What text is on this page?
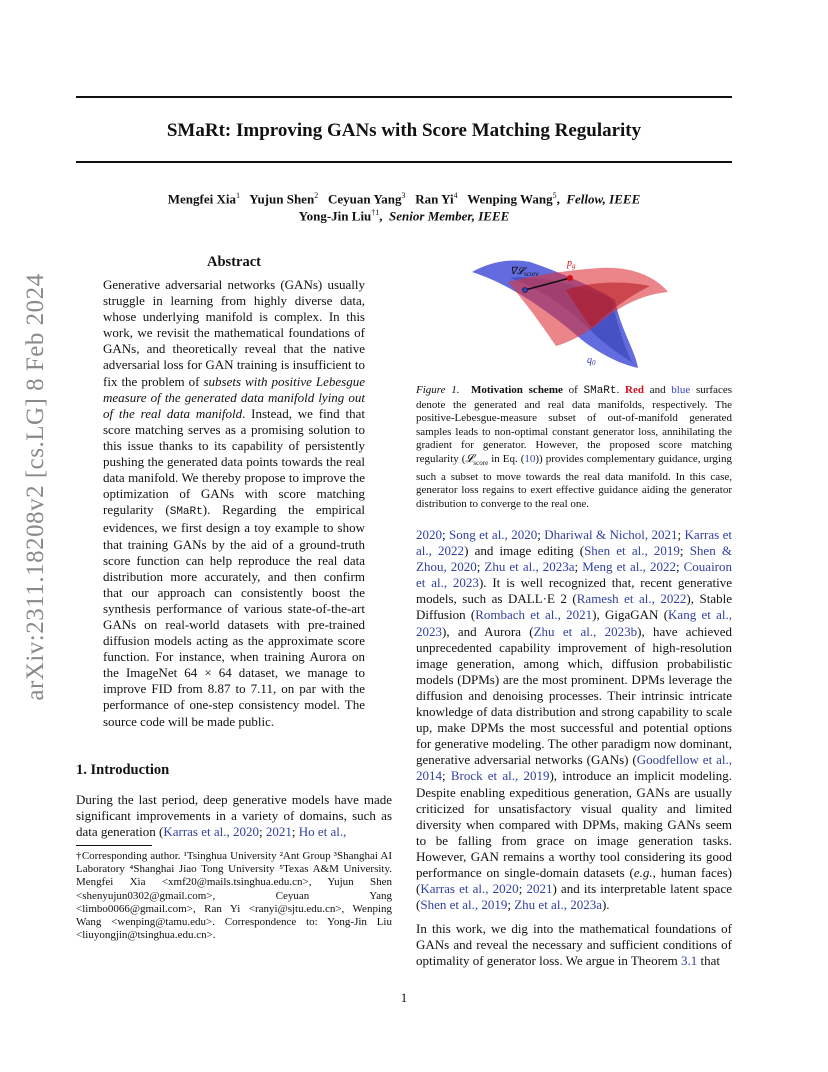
SMaRt: Improving GANs with Score Matching Regularity
Mengfei Xia$^1$ Yujun Shen$^2$ Ceyuan Yang$^3$ Ran Yi$^4$ Wenping Wang$^5$,  Fellow, IEEE
Yong-Jin Liu$^{\dagger 1}$,  Senior Member, IEEE
arXiv:2311.18208v2 [cs.LG] 8 Feb 2024
Abstract
Generative adversarial networks (GANs) usually struggle in learning from highly diverse data, whose underlying manifold is complex. In this work, we revisit the mathematical foundations of GANs, and theoretically reveal that the native adversarial loss for GAN training is insufficient to fix the problem of subsets with positive Lebesgue measure of the generated data manifold lying out of the real data manifold. Instead, we find that score matching serves as a promising solution to this issue thanks to its capability of persistently pushing the generated data points towards the real data manifold. We thereby propose to improve the optimization of GANs with score matching regularity (SMaRt). Regarding the empirical evidences, we first design a toy example to show that training GANs by the aid of a ground-truth score function can help reproduce the real data distribution more accurately, and then confirm that our approach can consistently boost the synthesis performance of various state-of-the-art GANs on real-world datasets with pre-trained diffusion models acting as the approximate score function. For instance, when training Aurora on the ImageNet 64 × 64 dataset, we manage to improve FID from 8.87 to 7.11, on par with the performance of one-step consistency model. The source code will be made public.
1. Introduction
During the last period, deep generative models have made significant improvements in a variety of domains, such as data generation (Karras et al., 2020; 2021; Ho et al.,
†Corresponding author. ¹Tsinghua University ²Ant Group ³Shanghai AI Laboratory ⁴Shanghai Jiao Tong University ⁵Texas A&M University. Mengfei Xia <xmf20@mails.tsinghua.edu.cn>, Yujun Shen <shenyujun0302@gmail.com>, Ceyuan Yang <limbo0066@gmail.com>, Ran Yi <ranyi@sjtu.edu.cn>, Wenping Wang <wenping@tamu.edu>. Correspondence to: Yong-Jin Liu <liuyongjin@tsinghua.edu.cn>.
∇𝓛$_{score}$
$p_g$
$q_0$
Figure 1. Motivation scheme of SMaRt. Red and blue surfaces denote the generated and real data manifolds, respectively. The positive-Lebesgue-measure subset of out-of-manifold generated samples leads to non-optimal constant generator loss, annihilating the gradient for generator. However, the proposed score matching regularity (𝓛$_{score}$ in Eq. (10)) provides complementary guidance, urging such a subset to move towards the real data manifold. In this case, generator loss regains to exert effective guidance aiding the generator distribution to converge to the real one.

2020; Song et al., 2020; Dhariwal & Nichol, 2021; Karras et al., 2022) and image editing (Shen et al., 2019; Shen & Zhou, 2020; Zhu et al., 2023a; Meng et al., 2022; Couairon et al., 2023). It is well recognized that, recent generative models, such as DALL·E 2 (Ramesh et al., 2022), Stable Diffusion (Rombach et al., 2021), GigaGAN (Kang et al., 2023), and Aurora (Zhu et al., 2023b), have achieved unprecedented capability improvement of high-resolution image generation, among which, diffusion probabilistic models (DPMs) are the most prominent. DPMs leverage the diffusion and denoising processes. Their intrinsic intricate knowledge of data distribution and strong capability to scale up, make DPMs the most successful and potential options for generative modeling. The other paradigm now dominant, generative adversarial networks (GANs) (Goodfellow et al., 2014; Brock et al., 2019), introduce an implicit modeling. Despite enabling expeditious generation, GANs are usually criticized for unsatisfactory visual quality and limited diversity when compared with DPMs, making GANs seem to be falling from grace on image generation tasks. However, GAN remains a worthy tool considering its good performance on single-domain datasets (e.g., human faces) (Karras et al., 2020; 2021) and its interpretable latent space (Shen et al., 2019; Zhu et al., 2023a).

In this work, we dig into the mathematical foundations of GANs and reveal the necessary and sufficient conditions of optimality of generator loss. We argue in Theorem 3.1 that

1
